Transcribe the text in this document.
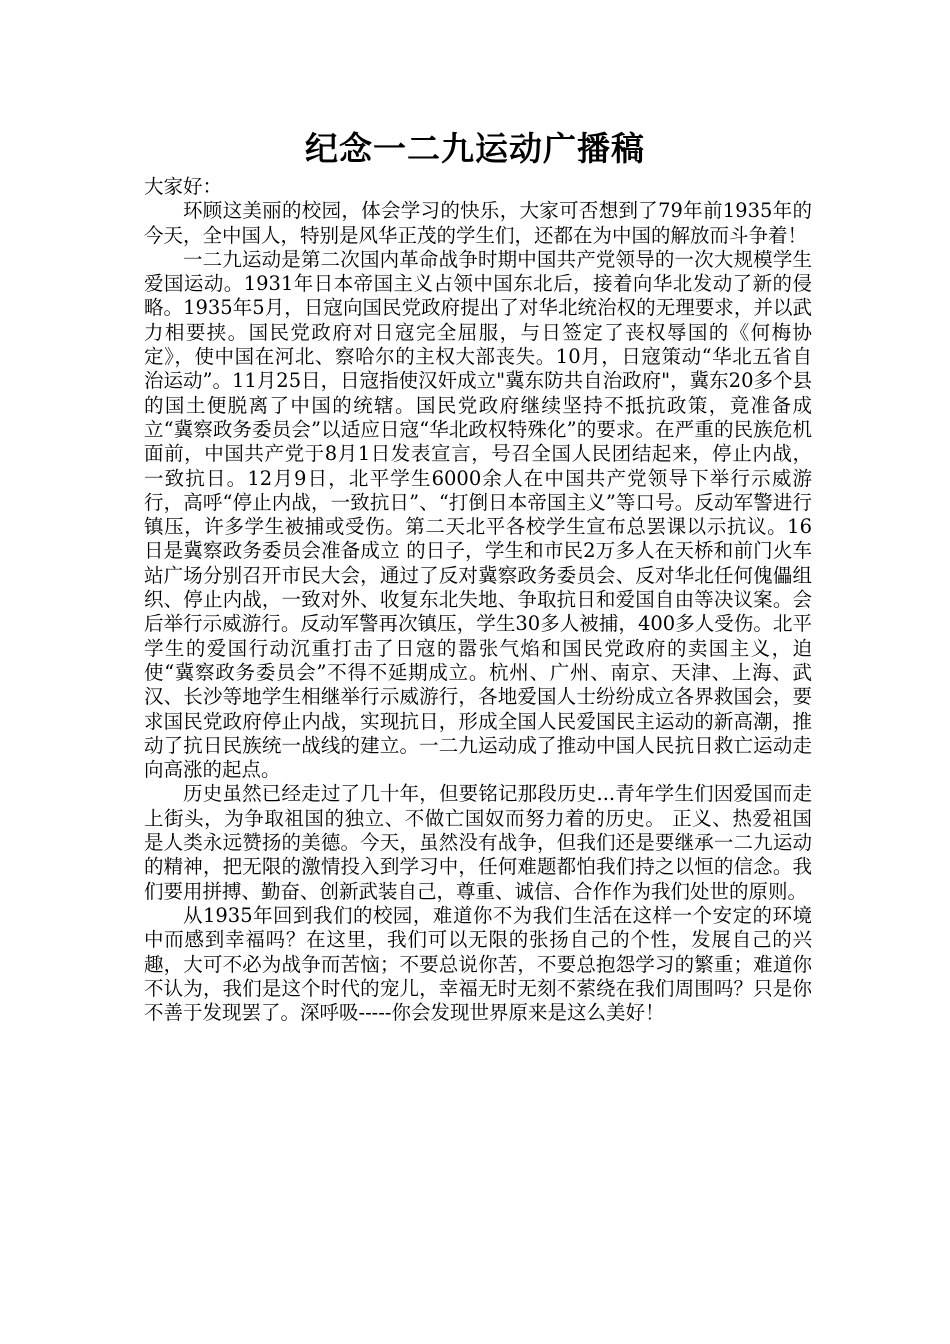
纪念一二九运动广播稿

大家好：

环顾这美丽的校园，体会学习的快乐，大家可否想到了79年前1935年的今天，全中国人，特别是风华正茂的学生们，还都在为中国的解放而斗争着！

一二九运动是第二次国内革命战争时期中国共产党领导的一次大规模学生爱国运动。1931年日本帝国主义占领中国东北后，接着向华北发动了新的侵略。1935年5月，日寇向国民党政府提出了对华北统治权的无理要求，并以武力相要挟。国民党政府对日寇完全屈服，与日签定了丧权辱国的《何梅协定》，使中国在河北、察哈尔的主权大部丧失。10月，日寇策动“华北五省自治运动”。11月25日，日寇指使汉奸成立"冀东防共自治政府"，冀东20多个县的国土便脱离了中国的统辖。国民党政府继续坚持不抵抗政策，竟准备成立“冀察政务委员会”以适应日寇“华北政权特殊化”的要求。在严重的民族危机面前，中国共产党于8月1日发表宣言，号召全国人民团结起来，停止内战，一致抗日。12月9日，北平学生6000余人在中国共产党领导下举行示威游行，高呼“停止内战，一致抗日”、“打倒日本帝国主义”等口号。反动军警进行镇压，许多学生被捕或受伤。第二天北平各校学生宣布总罢课以示抗议。16日是冀察政务委员会准备成立 的日子，学生和市民2万多人在天桥和前门火车站广场分别召开市民大会，通过了反对冀察政务委员会、反对华北任何傀儡组织、停止内战，一致对外、收复东北失地、争取抗日和爱国自由等决议案。会后举行示威游行。反动军警再次镇压，学生30多人被捕，400多人受伤。北平学生的爱国行动沉重打击了日寇的嚣张气焰和国民党政府的卖国主义，迫使“冀察政务委员会”不得不延期成立。杭州、广州、南京、天津、上海、武汉、长沙等地学生相继举行示威游行，各地爱国人士纷纷成立各界救国会，要求国民党政府停止内战，实现抗日，形成全国人民爱国民主运动的新高潮，推动了抗日民族统一战线的建立。一二九运动成了推动中国人民抗日救亡运动走向高涨的起点。

历史虽然已经走过了几十年，但要铭记那段历史...青年学生们因爱国而走上街头，为争取祖国的独立、不做亡国奴而努力着的历史。 正义、热爱祖国是人类永远赞扬的美德。今天，虽然没有战争，但我们还是要继承一二九运动的精神，把无限的激情投入到学习中，任何难题都怕我们持之以恒的信念。我们要用拼搏、勤奋、创新武装自己，尊重、诚信、合作作为我们处世的原则。

从1935年回到我们的校园，难道你不为我们生活在这样一个安定的环境中而感到幸福吗？在这里，我们可以无限的张扬自己的个性，发展自己的兴趣，大可不必为战争而苦恼；不要总说你苦，不要总抱怨学习的繁重；难道你不认为，我们是这个时代的宠儿，幸福无时无刻不萦绕在我们周围吗？只是你不善于发现罢了。深呼吸-----你会发现世界原来是这么美好！
